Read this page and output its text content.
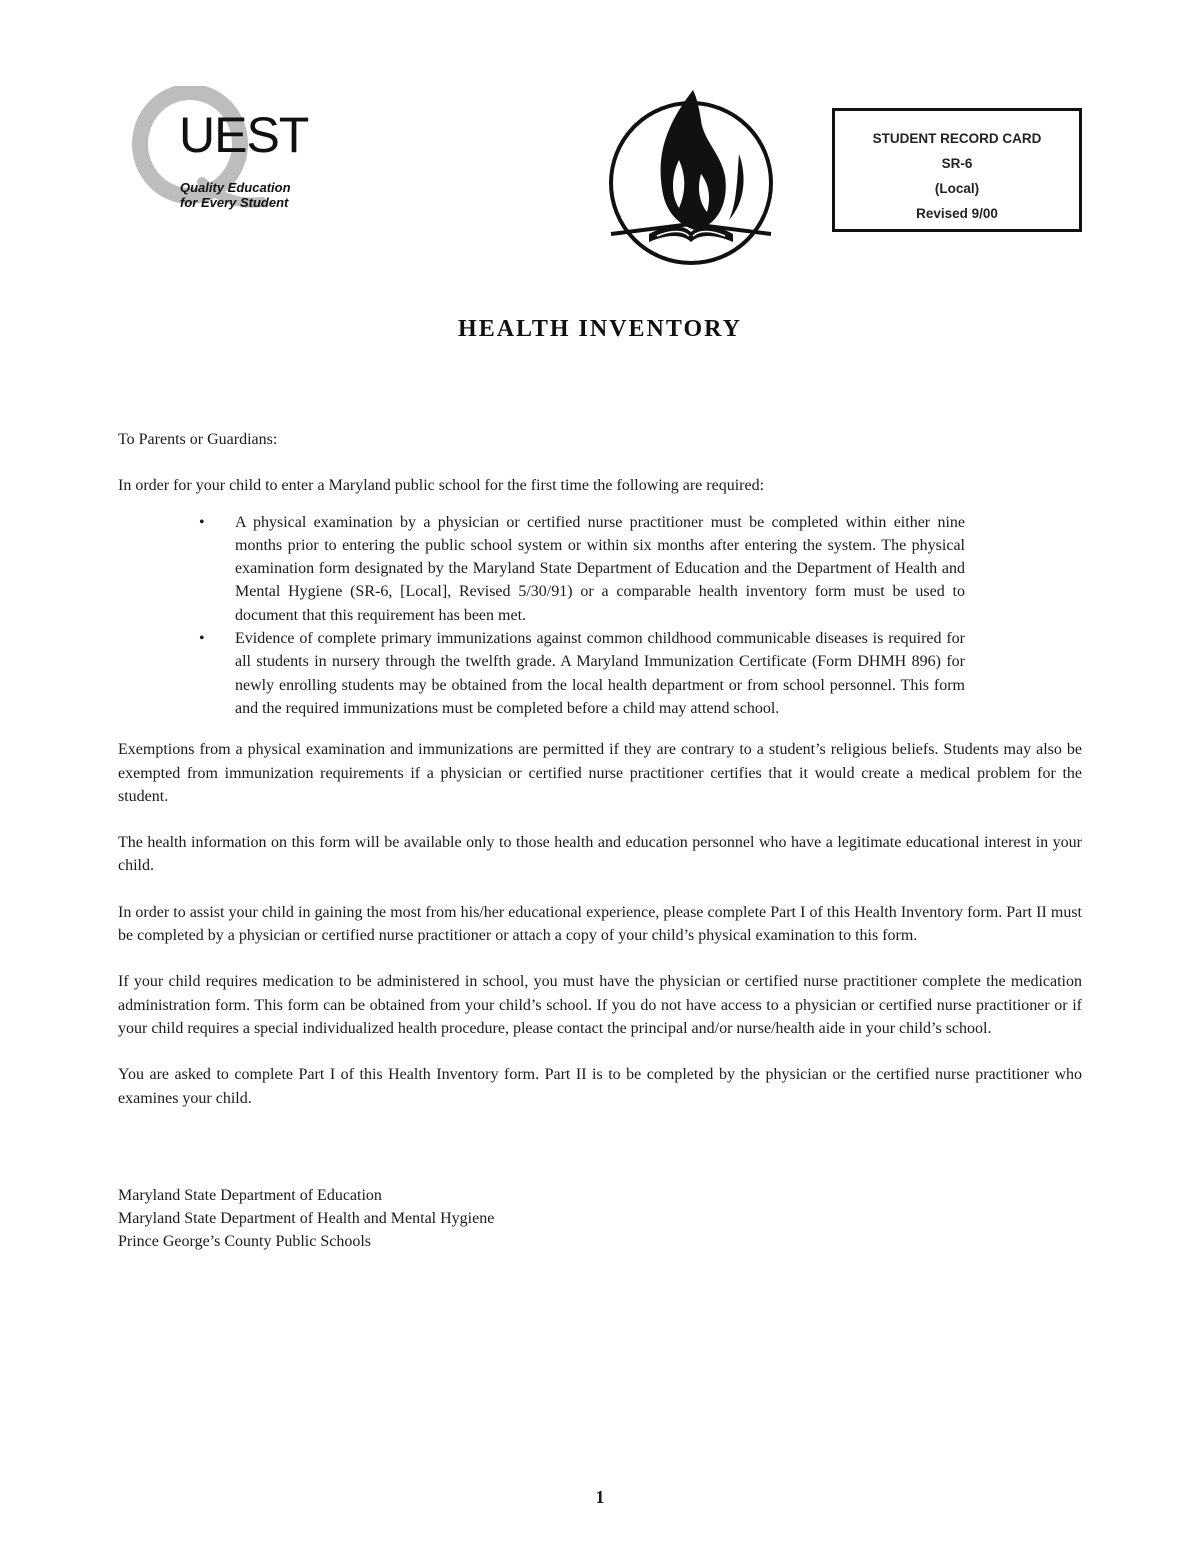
UEST
Quality Education
for Every Student
STUDENT RECORD CARD
SR-6
(Local)
Revised 9/00
HEALTH INVENTORY

To Parents or Guardians:

In order for your child to enter a Maryland public school for the first time the following are required:

• A physical examination by a physician or certified nurse practitioner must be completed within either nine months prior to entering the public school system or within six months after entering the system. The physical examination form designated by the Maryland State Department of Education and the Department of Health and Mental Hygiene (SR-6, [Local], Revised 5/30/91) or a comparable health inventory form must be used to document that this requirement has been met.
• Evidence of complete primary immunizations against common childhood communicable diseases is required for all students in nursery through the twelfth grade. A Maryland Immunization Certificate (Form DHMH 896) for newly enrolling students may be obtained from the local health department or from school personnel. This form and the required immunizations must be completed before a child may attend school.

Exemptions from a physical examination and immunizations are permitted if they are contrary to a student’s religious beliefs. Students may also be exempted from immunization requirements if a physician or certified nurse practitioner certifies that it would create a medical problem for the student.

The health information on this form will be available only to those health and education personnel who have a legitimate educational interest in your child.

In order to assist your child in gaining the most from his/her educational experience, please complete Part I of this Health Inventory form. Part II must be completed by a physician or certified nurse practitioner or attach a copy of your child’s physical examination to this form.

If your child requires medication to be administered in school, you must have the physician or certified nurse practitioner complete the medication administration form. This form can be obtained from your child’s school. If you do not have access to a physician or certified nurse practitioner or if your child requires a special individualized health procedure, please contact the principal and/or nurse/health aide in your child’s school.

You are asked to complete Part I of this Health Inventory form. Part II is to be completed by the physician or the certified nurse practitioner who examines your child.

Maryland State Department of Education
Maryland State Department of Health and Mental Hygiene
Prince George’s County Public Schools
1
